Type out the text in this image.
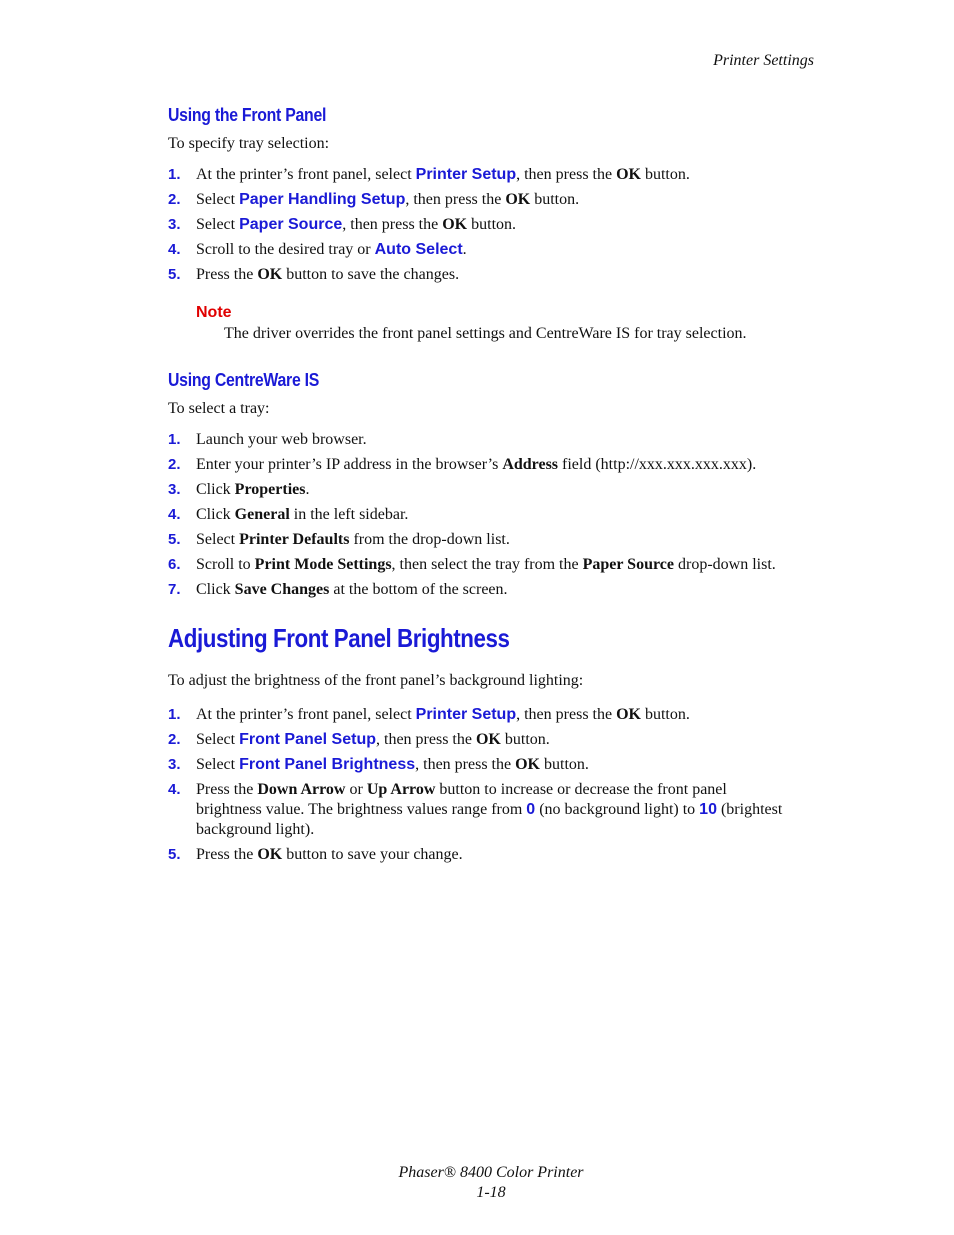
Printer Settings
Using the Front Panel

To specify tray selection:

1. At the printer’s front panel, select Printer Setup, then press the OK button.
2. Select Paper Handling Setup, then press the OK button.
3. Select Paper Source, then press the OK button.
4. Scroll to the desired tray or Auto Select.
5. Press the OK button to save the changes.
Note
The driver overrides the front panel settings and CentreWare IS for tray selection.
Using CentreWare IS

To select a tray:

1. Launch your web browser.
2. Enter your printer’s IP address in the browser’s Address field (http://xxx.xxx.xxx.xxx).
3. Click Properties.
4. Click General in the left sidebar.
5. Select Printer Defaults from the drop-down list.
6. Scroll to Print Mode Settings, then select the tray from the Paper Source drop-down list.
7. Click Save Changes at the bottom of the screen.
Adjusting Front Panel Brightness

To adjust the brightness of the front panel’s background lighting:

1. At the printer’s front panel, select Printer Setup, then press the OK button.
2. Select Front Panel Setup, then press the OK button.
3. Select Front Panel Brightness, then press the OK button.
4. Press the Down Arrow or Up Arrow button to increase or decrease the front panel brightness value. The brightness values range from 0 (no background light) to 10 (brightest background light).
5. Press the OK button to save your change.
Phaser® 8400 Color Printer
1-18
